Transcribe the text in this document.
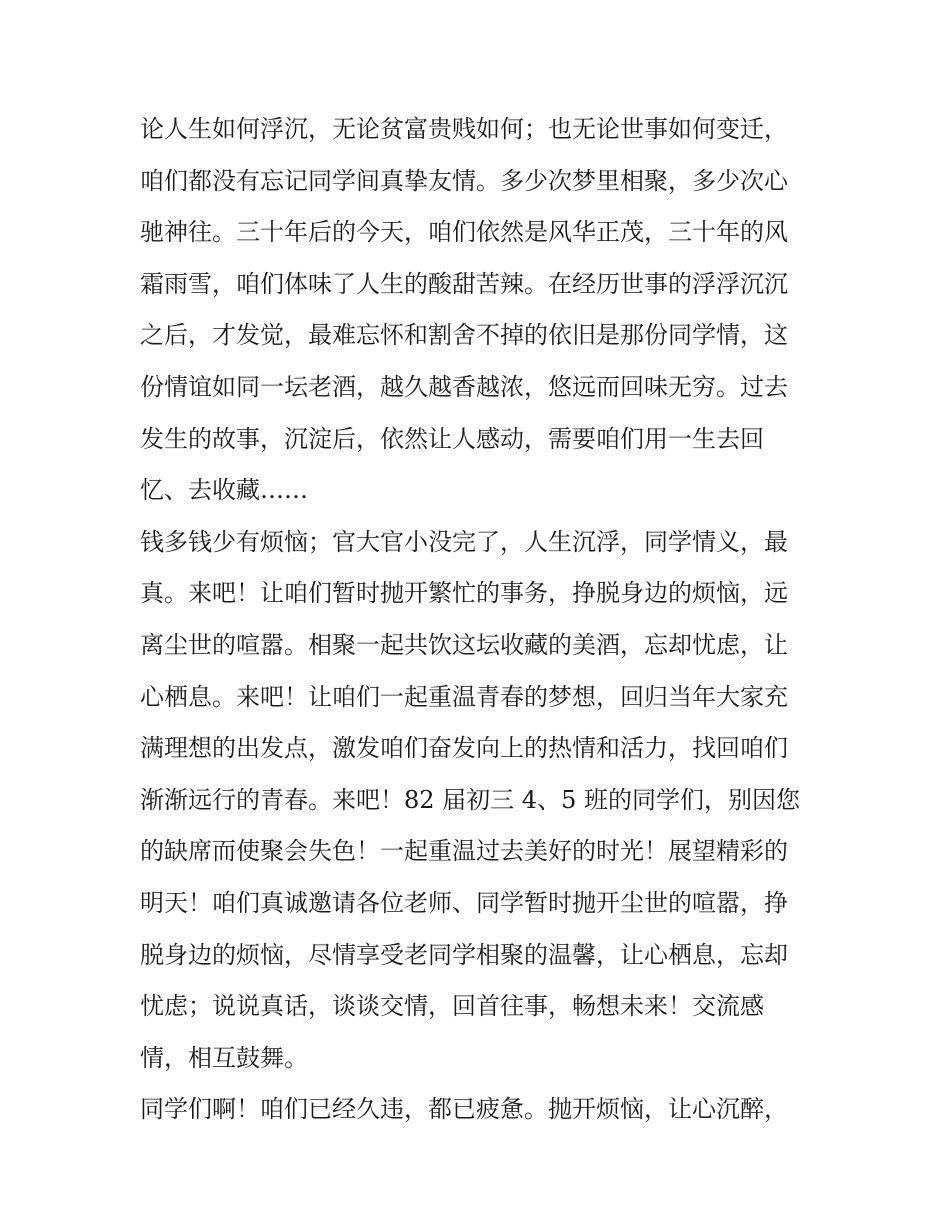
论人生如何浮沉，无论贫富贵贱如何；也无论世事如何变迁，
咱们都没有忘记同学间真挚友情。多少次梦里相聚，多少次心
驰神往。三十年后的今天，咱们依然是风华正茂，三十年的风
霜雨雪，咱们体味了人生的酸甜苦辣。在经历世事的浮浮沉沉
之后，才发觉，最难忘怀和割舍不掉的依旧是那份同学情，这
份情谊如同一坛老酒，越久越香越浓，悠远而回味无穷。过去
发生的故事，沉淀后，依然让人感动，需要咱们用一生去回
忆、去收藏……
钱多钱少有烦恼；官大官小没完了，人生沉浮，同学情义，最
真。来吧！让咱们暂时抛开繁忙的事务，挣脱身边的烦恼，远
离尘世的喧嚣。相聚一起共饮这坛收藏的美酒，忘却忧虑，让
心栖息。来吧！让咱们一起重温青春的梦想，回归当年大家充
满理想的出发点，激发咱们奋发向上的热情和活力，找回咱们
渐渐远行的青春。来吧！82 届初三 4、5 班的同学们，别因您
的缺席而使聚会失色！一起重温过去美好的时光！展望精彩的
明天！咱们真诚邀请各位老师、同学暂时抛开尘世的喧嚣，挣
脱身边的烦恼，尽情享受老同学相聚的温馨，让心栖息，忘却
忧虑；说说真话，谈谈交情，回首往事，畅想未来！交流感
情，相互鼓舞。
同学们啊！咱们已经久违，都已疲惫。抛开烦恼，让心沉醉，
